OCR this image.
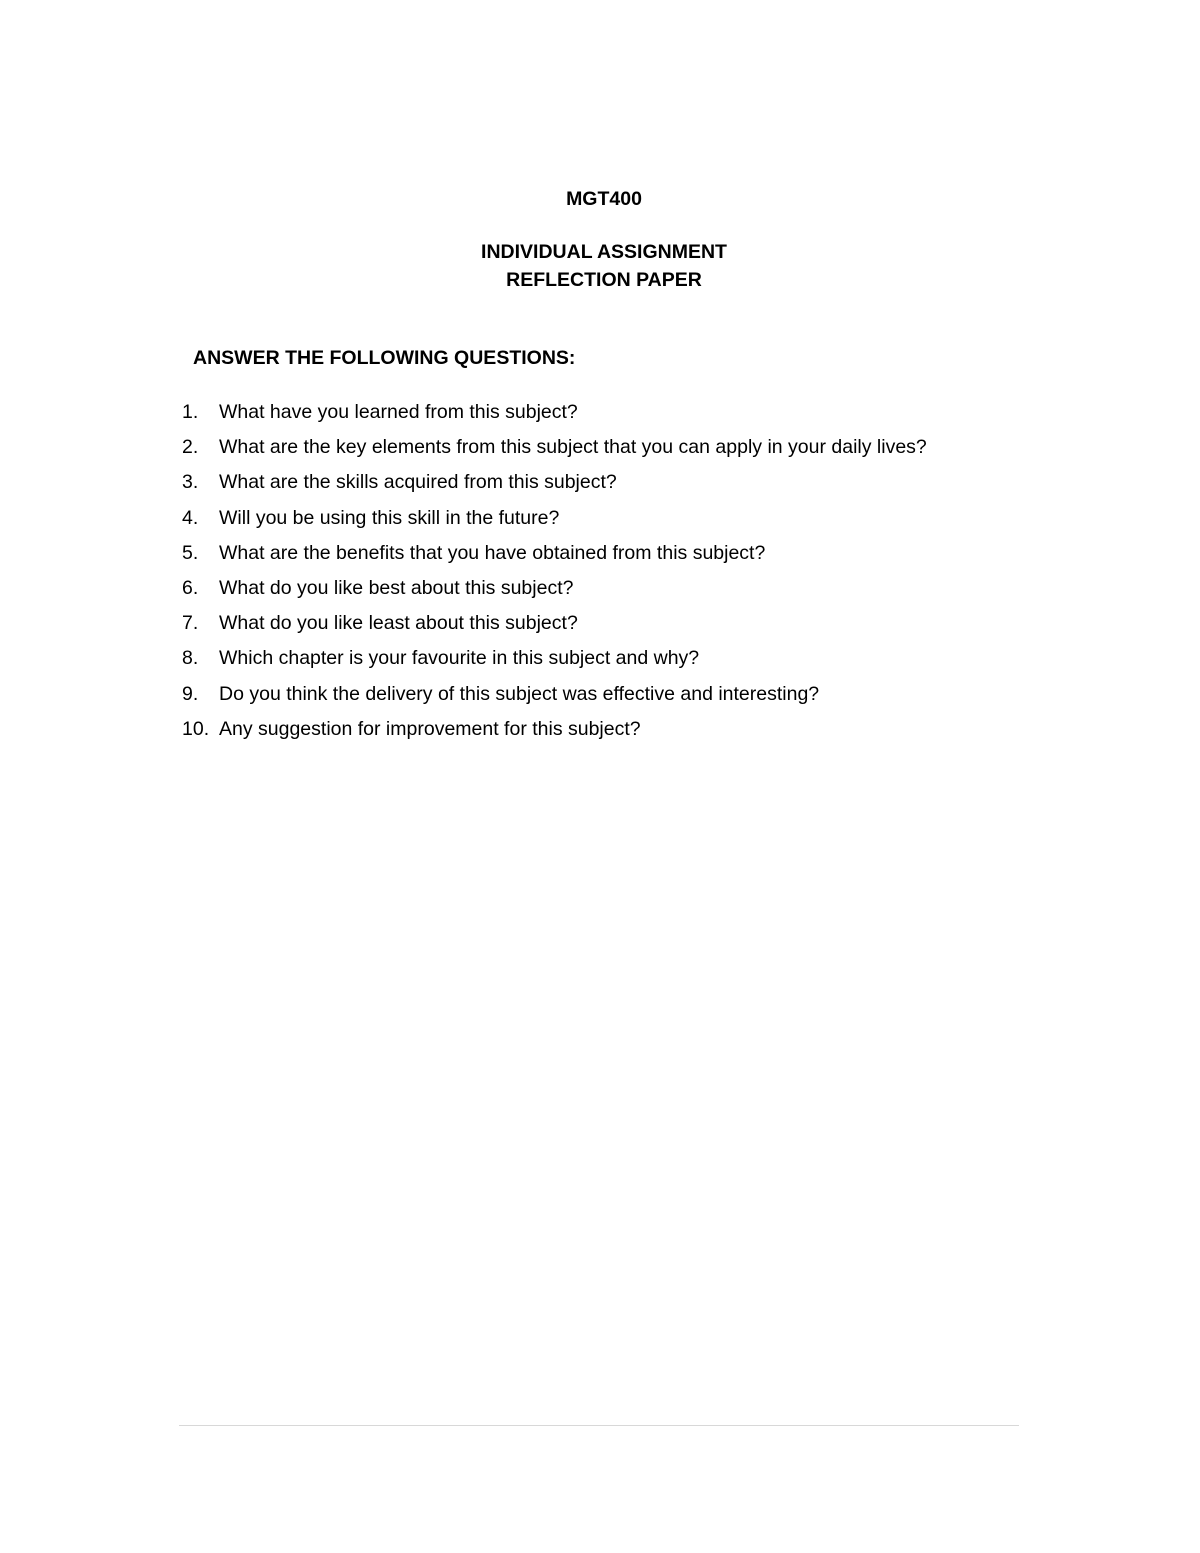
MGT400

INDIVIDUAL ASSIGNMENT
REFLECTION PAPER

ANSWER THE FOLLOWING QUESTIONS:

1.	What have you learned from this subject?
2.	What are the key elements from this subject that you can apply in your daily lives?
3.	What are the skills acquired from this subject?
4.	Will you be using this skill in the future?
5.	What are the benefits that you have obtained from this subject?
6.	What do you like best about this subject?
7.	What do you like least about this subject?
8.	Which chapter is your favourite in this subject and why?
9.	Do you think the delivery of this subject was effective and interesting?
10. Any suggestion for improvement for this subject?
